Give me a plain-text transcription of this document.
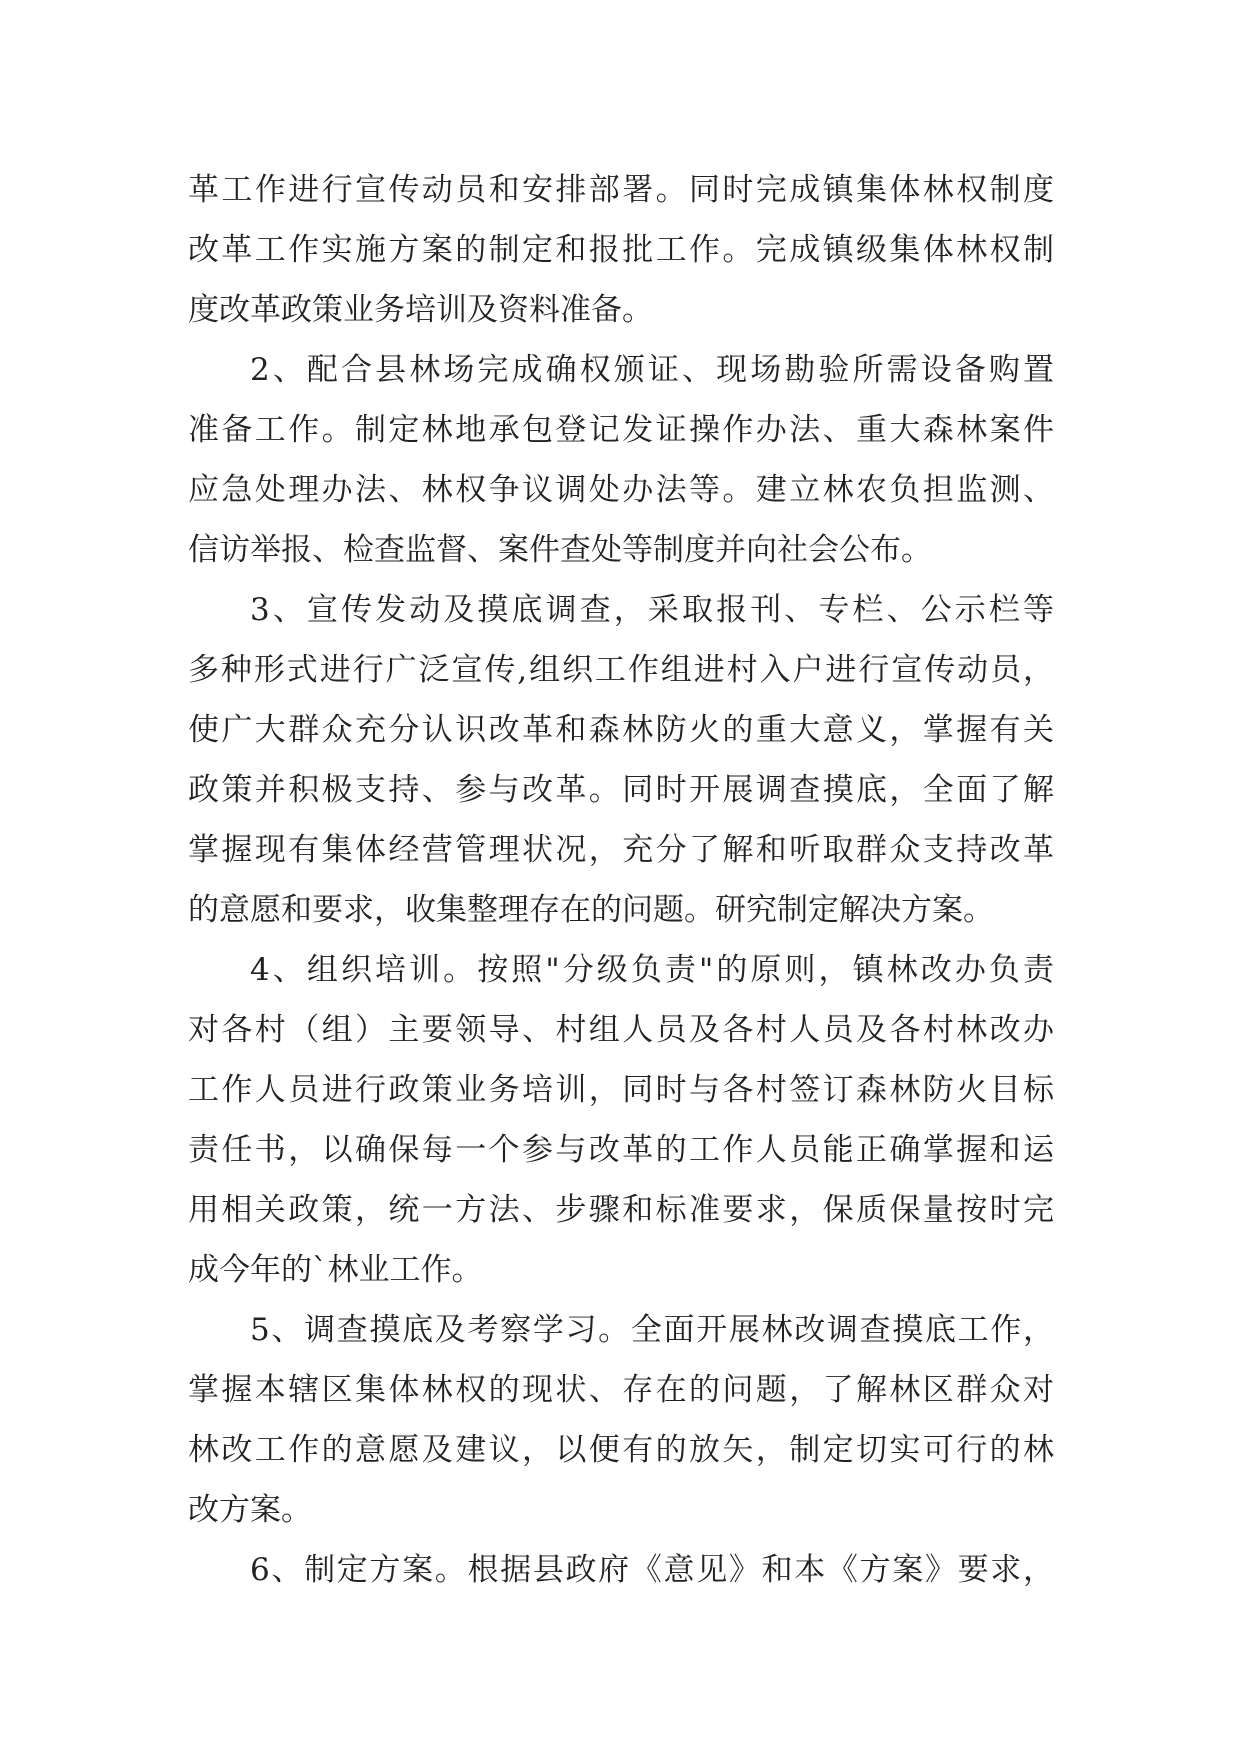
革工作进行宣传动员和安排部署。同时完成镇集体林权制度
改革工作实施方案的制定和报批工作。完成镇级集体林权制
度改革政策业务培训及资料准备。
2、配合县林场完成确权颁证、现场勘验所需设备购置
准备工作。制定林地承包登记发证操作办法、重大森林案件
应急处理办法、林权争议调处办法等。建立林农负担监测、
信访举报、检查监督、案件查处等制度并向社会公布。
3、宣传发动及摸底调查，采取报刊、专栏、公示栏等
多种形式进行广泛宣传,组织工作组进村入户进行宣传动员，
使广大群众充分认识改革和森林防火的重大意义，掌握有关
政策并积极支持、参与改革。同时开展调查摸底，全面了解
掌握现有集体经营管理状况，充分了解和听取群众支持改革
的意愿和要求，收集整理存在的问题。研究制定解决方案。
4、组织培训。按照"分级负责"的原则，镇林改办负责
对各村（组）主要领导、村组人员及各村人员及各村林改办
工作人员进行政策业务培训，同时与各村签订森林防火目标
责任书，以确保每一个参与改革的工作人员能正确掌握和运
用相关政策，统一方法、步骤和标准要求，保质保量按时完
成今年的`林业工作。
5、调查摸底及考察学习。全面开展林改调查摸底工作，
掌握本辖区集体林权的现状、存在的问题，了解林区群众对
林改工作的意愿及建议，以便有的放矢，制定切实可行的林
改方案。
6、制定方案。根据县政府《意见》和本《方案》要求，
